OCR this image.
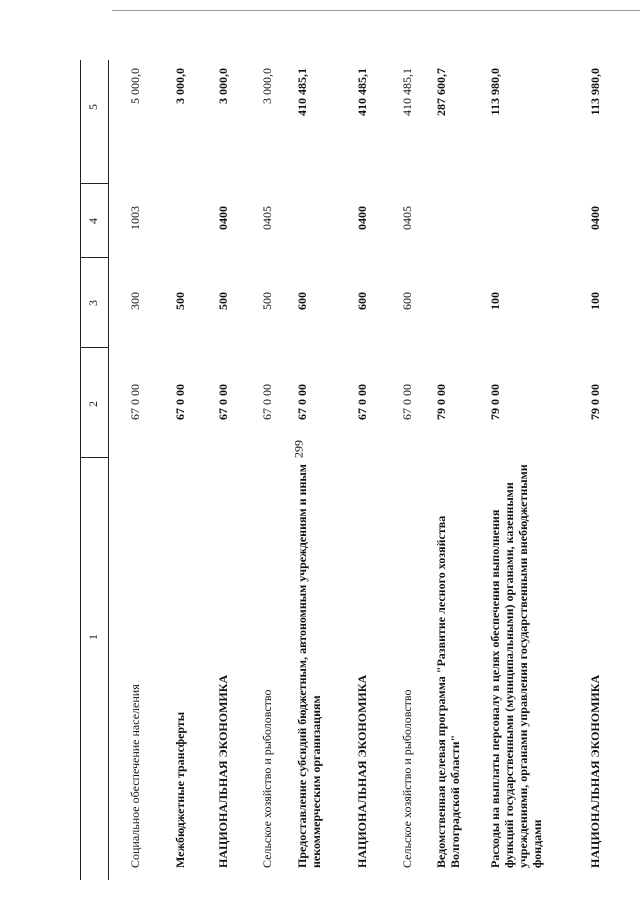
299
1
2
3
4
5
Социальное обеспечение населения
67 0 00
300
1003
5 000,0
Межбюджетные трансферты
67 0 00
500
3 000,0
НАЦИОНАЛЬНАЯ ЭКОНОМИКА
67 0 00
500
0400
3 000,0
Сельское хозяйство и рыболовство
67 0 00
500
0405
3 000,0
Предоставление субсидий бюджетным, автономным учреждениям и иным некоммерческим организациям
67 0 00
600
410 485,1
НАЦИОНАЛЬНАЯ ЭКОНОМИКА
67 0 00
600
0400
410 485,1
Сельское хозяйство и рыболовство
67 0 00
600
0405
410 485,1
Ведомственная целевая программа "Развитие лесного хозяйства Волгоградской области"
79 0 00
287 600,7
Расходы на выплаты персоналу в целях обеспечения выполнения функций государственными (муниципальными) органами, казенными учреждениями, органами управления государственными внебюджетными фондами
79 0 00
100
113 980,0
НАЦИОНАЛЬНАЯ ЭКОНОМИКА
79 0 00
100
0400
113 980,0
